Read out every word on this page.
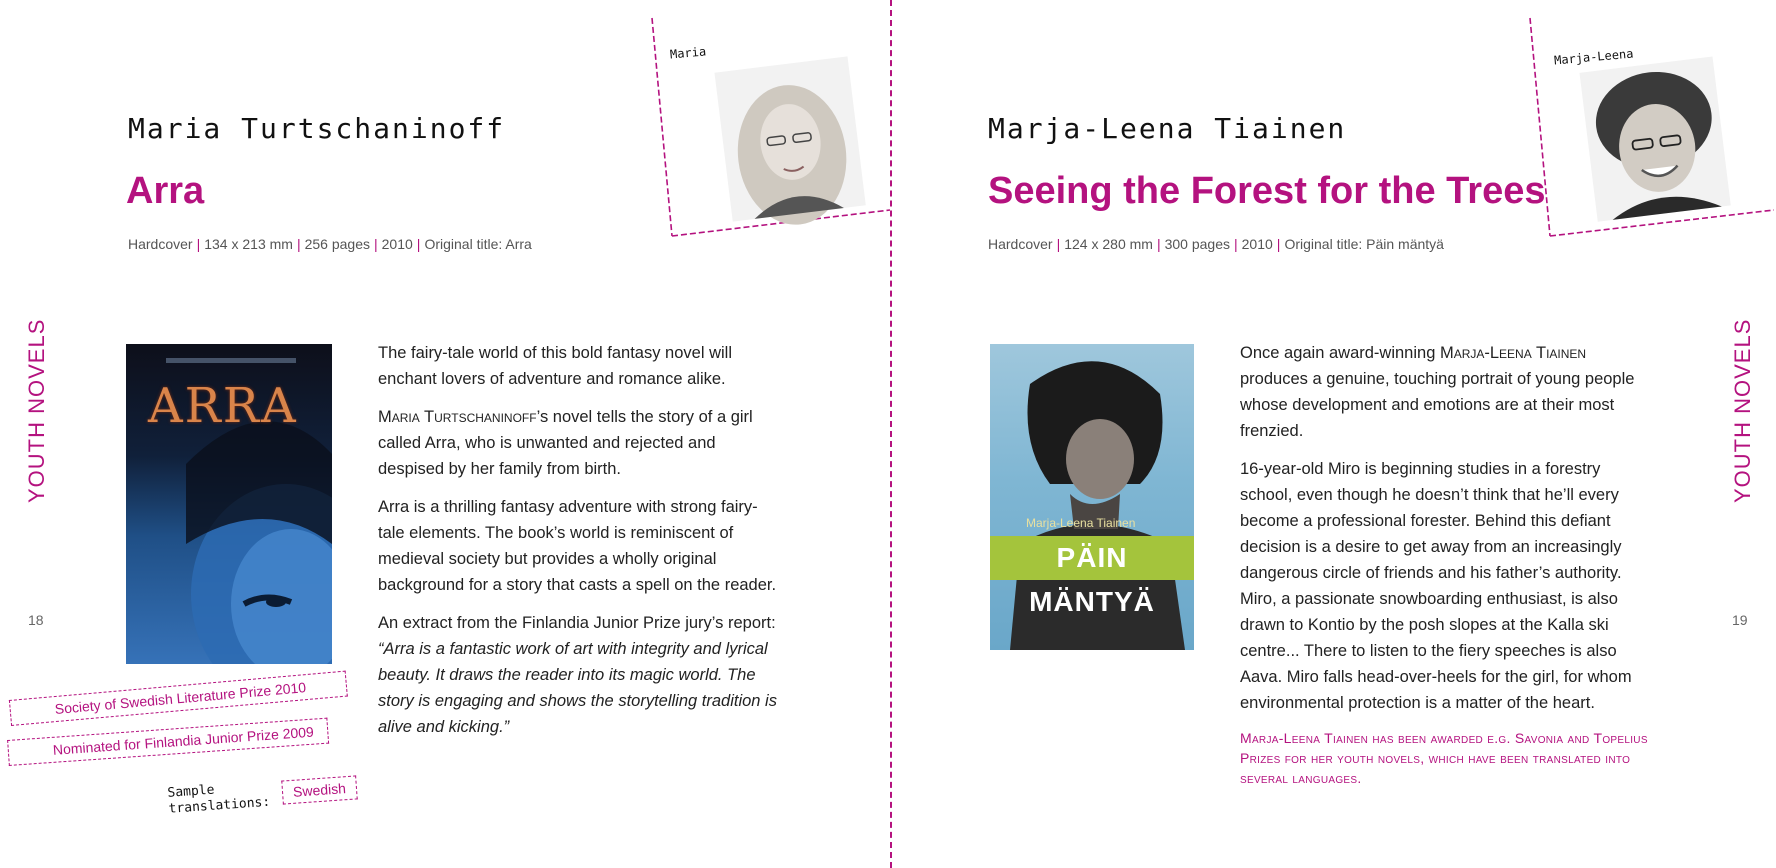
YOUTH NOVELS
18
Maria Turtschaninoff
Arra
Hardcover | 134 x 213 mm | 256 pages | 2010 | Original title: Arra
Maria
ARRA

The fairy-tale world of this bold fantasy novel will enchant lovers of adventure and romance alike.

Maria Turtschaninoff’s novel tells the story of a girl called Arra, who is unwanted and rejected and despised by her family from birth.

Arra is a thrilling fantasy adventure with strong fairy-tale elements. The book’s world is reminiscent of medieval society but provides a wholly original background for a story that casts a spell on the reader.

An extract from the Finlandia Junior Prize jury’s report: “Arra is a fantastic work of art with integrity and lyrical beauty. It draws the reader into its magic world. The story is engaging and shows the storytelling tradition is alive and kicking.”

Society of Swedish Literature Prize 2010
Nominated for Finlandia Junior Prize 2009
Sample translations:
Swedish
YOUTH NOVELS
19
Marja-Leena Tiainen
Seeing the Forest for the Trees
Hardcover | 124 x 280 mm | 300 pages | 2010 | Original title: Päin mäntyä
Marja-Leena
Marja-Leena Tiainen
PÄIN MÄNTYÄ

Once again award-winning Marja-Leena Tiainen produces a genuine, touching portrait of young people whose development and emotions are at their most frenzied.

16-year-old Miro is beginning studies in a forestry school, even though he doesn’t think that he’ll every become a professional forester. Behind this defiant decision is a desire to get away from an increasingly dangerous circle of friends and his father’s authority. Miro, a passionate snowboarding enthusiast, is also drawn to Kontio by the posh slopes at the Kalla ski centre... There to listen to the fiery speeches is also Aava. Miro falls head-over-heels for the girl, for whom environmental protection is a matter of the heart.

Marja-Leena Tiainen has been awarded e.g. Savonia and Topelius Prizes for her youth novels, which have been translated into several languages.
